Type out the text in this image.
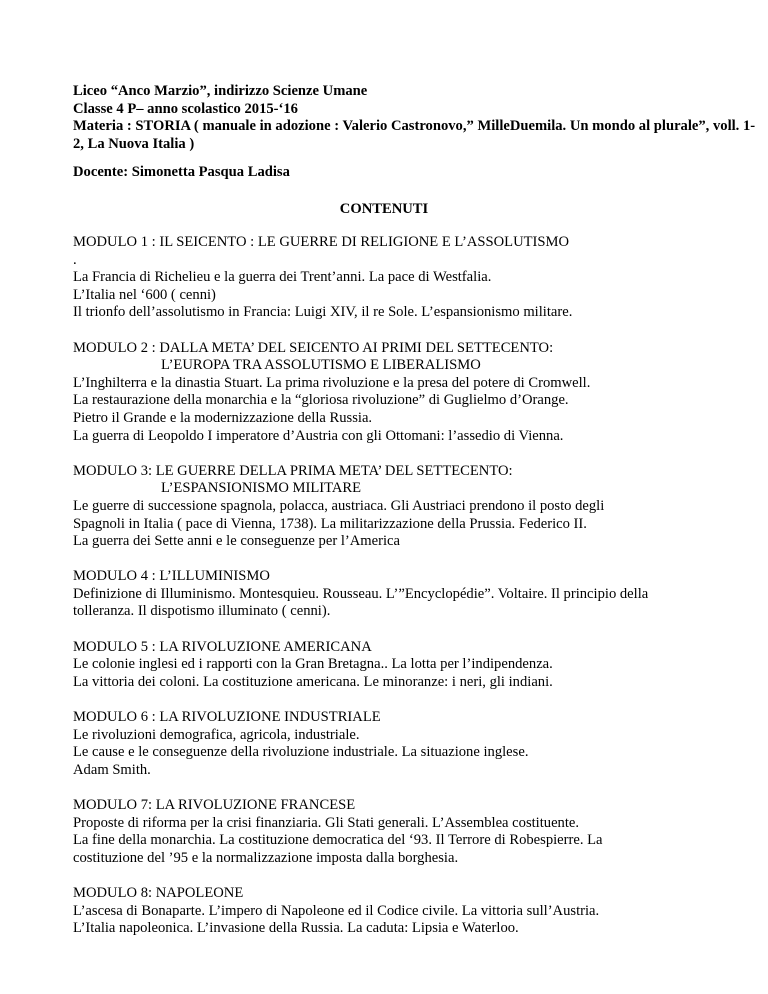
Liceo “Anco Marzio”, indirizzo Scienze Umane
Classe 4 P– anno scolastico 2015-‘16
Materia : STORIA ( manuale in adozione : Valerio Castronovo,” MilleDuemila. Un mondo al plurale”, voll. 1-2, La Nuova Italia )
Docente: Simonetta Pasqua Ladisa
CONTENUTI
MODULO 1 : IL SEICENTO : LE GUERRE DI RELIGIONE E L’ASSOLUTISMO
.
La Francia di Richelieu e la guerra dei Trent’anni. La pace di Westfalia.
L’Italia nel ‘600 ( cenni)
Il trionfo dell’assolutismo in Francia: Luigi XIV, il re Sole. L’espansionismo militare.
MODULO 2 : DALLA META’ DEL SEICENTO AI PRIMI DEL SETTECENTO:
L’EUROPA TRA ASSOLUTISMO E LIBERALISMO
L’Inghilterra e la dinastia Stuart. La prima rivoluzione e la presa del potere di Cromwell.
La restaurazione della monarchia e la “gloriosa rivoluzione” di Guglielmo d’Orange.
Pietro il Grande e la modernizzazione della Russia.
La guerra di Leopoldo I imperatore d’Austria con gli Ottomani: l’assedio di Vienna.
MODULO 3: LE GUERRE DELLA PRIMA META’ DEL SETTECENTO:
L’ESPANSIONISMO MILITARE
Le guerre di successione spagnola, polacca, austriaca. Gli Austriaci prendono il posto degli
Spagnoli in Italia ( pace di Vienna, 1738). La militarizzazione della Prussia. Federico II.
La guerra dei Sette anni e le conseguenze per l’America
MODULO 4 : L’ILLUMINISMO
Definizione di Illuminismo. Montesquieu. Rousseau. L’”Encyclopédie”. Voltaire. Il principio della
tolleranza. Il dispotismo illuminato ( cenni).
MODULO 5 : LA RIVOLUZIONE AMERICANA
Le colonie inglesi ed i rapporti con la Gran Bretagna.. La lotta per l’indipendenza.
La vittoria dei coloni. La costituzione americana. Le minoranze: i neri, gli indiani.
MODULO 6 : LA RIVOLUZIONE INDUSTRIALE
Le rivoluzioni demografica, agricola, industriale.
Le cause e le conseguenze della rivoluzione industriale. La situazione inglese.
Adam Smith.
MODULO 7: LA RIVOLUZIONE FRANCESE
Proposte di riforma per la crisi finanziaria. Gli Stati generali. L’Assemblea costituente.
La fine della monarchia. La costituzione democratica del ‘93. Il Terrore di Robespierre. La
costituzione del ’95 e la normalizzazione imposta dalla borghesia.
MODULO 8: NAPOLEONE
L’ascesa di Bonaparte. L’impero di Napoleone ed il Codice civile. La vittoria sull’Austria.
L’Italia napoleonica. L’invasione della Russia. La caduta: Lipsia e Waterloo.
